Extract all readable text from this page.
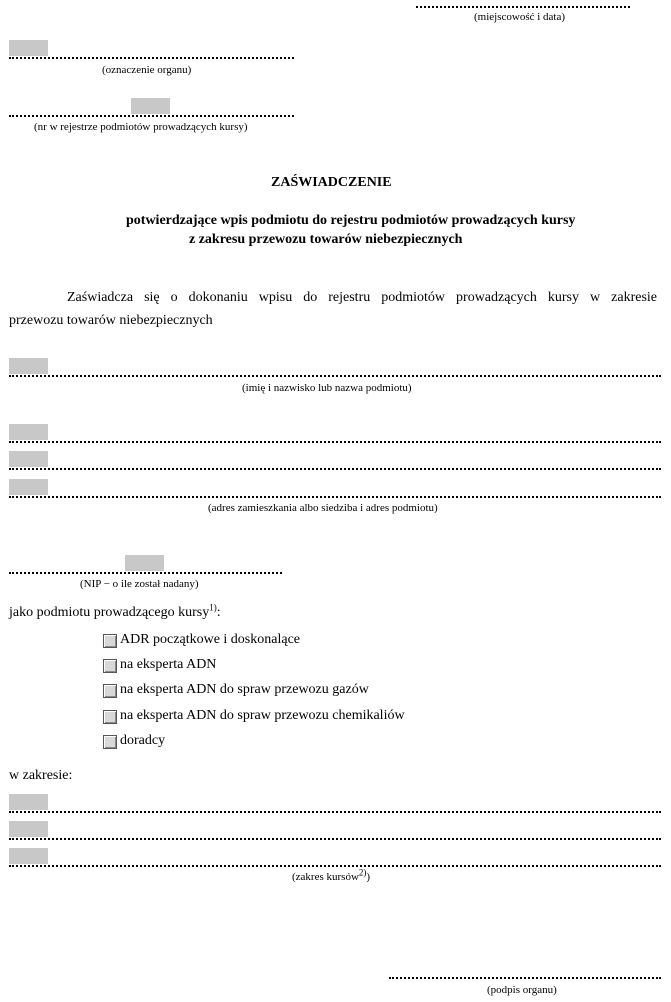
(miejscowość i data)
(oznaczenie organu)
(nr w rejestrze podmiotów prowadzących kursy)
ZAŚWIADCZENIE
potwierdzające wpis podmiotu do rejestru podmiotów prowadzących kursy
z zakresu przewozu towarów niebezpiecznych
Zaświadcza się o dokonaniu wpisu do rejestru podmiotów prowadzących kursy w zakresie
przewozu towarów niebezpiecznych
(imię i nazwisko lub nazwa podmiotu)
(adres zamieszkania albo siedziba i adres podmiotu)
(NIP − o ile został nadany)
jako podmiotu prowadzącego kursy$^{1)}$:
ADR początkowe i doskonalące
na eksperta ADN
na eksperta ADN do spraw przewozu gazów
na eksperta ADN do spraw przewozu chemikaliów
doradcy
w zakresie:
(zakres kursów$^{2)}$)
(podpis organu)
